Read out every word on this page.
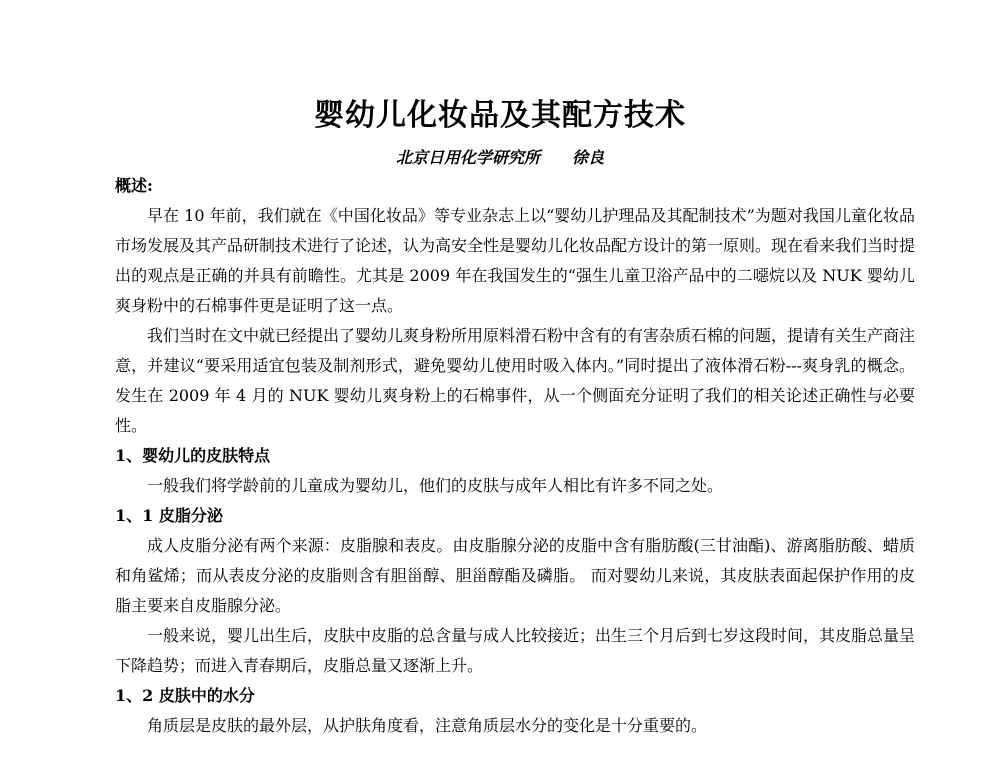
婴幼儿化妆品及其配方技术
北京日用化学研究所 徐良

概述:

早在 10 年前，我们就在《中国化妆品》等专业杂志上以“婴幼儿护理品及其配制技术”为题对我国儿童化妆品市场发展及其产品研制技术进行了论述，认为高安全性是婴幼儿化妆品配方设计的第一原则。现在看来我们当时提出的观点是正确的并具有前瞻性。尤其是 2009 年在我国发生的“强生儿童卫浴产品中的二噁烷以及 NUK 婴幼儿爽身粉中的石棉事件更是证明了这一点。

我们当时在文中就已经提出了婴幼儿爽身粉所用原料滑石粉中含有的有害杂质石棉的问题，提请有关生产商注意，并建议“要采用适宜包装及制剂形式，避免婴幼儿使用时吸入体内。”同时提出了液体滑石粉---爽身乳的概念。发生在 2009 年 4 月的 NUK 婴幼儿爽身粉上的石棉事件，从一个侧面充分证明了我们的相关论述正确性与必要性。

1、婴幼儿的皮肤特点

一般我们将学龄前的儿童成为婴幼儿，他们的皮肤与成年人相比有许多不同之处。

1、1 皮脂分泌

成人皮脂分泌有两个来源：皮脂腺和表皮。由皮脂腺分泌的皮脂中含有脂肪酸(三甘油酯)、游离脂肪酸、蜡质和角鲨烯；而从表皮分泌的皮脂则含有胆甾醇、胆甾醇酯及磷脂。 而对婴幼儿来说，其皮肤表面起保护作用的皮脂主要来自皮脂腺分泌。

一般来说，婴儿出生后，皮肤中皮脂的总含量与成人比较接近；出生三个月后到七岁这段时间，其皮脂总量呈下降趋势；而进入青春期后，皮脂总量又逐渐上升。

1、2 皮肤中的水分

角质层是皮肤的最外层，从护肤角度看，注意角质层水分的变化是十分重要的。
